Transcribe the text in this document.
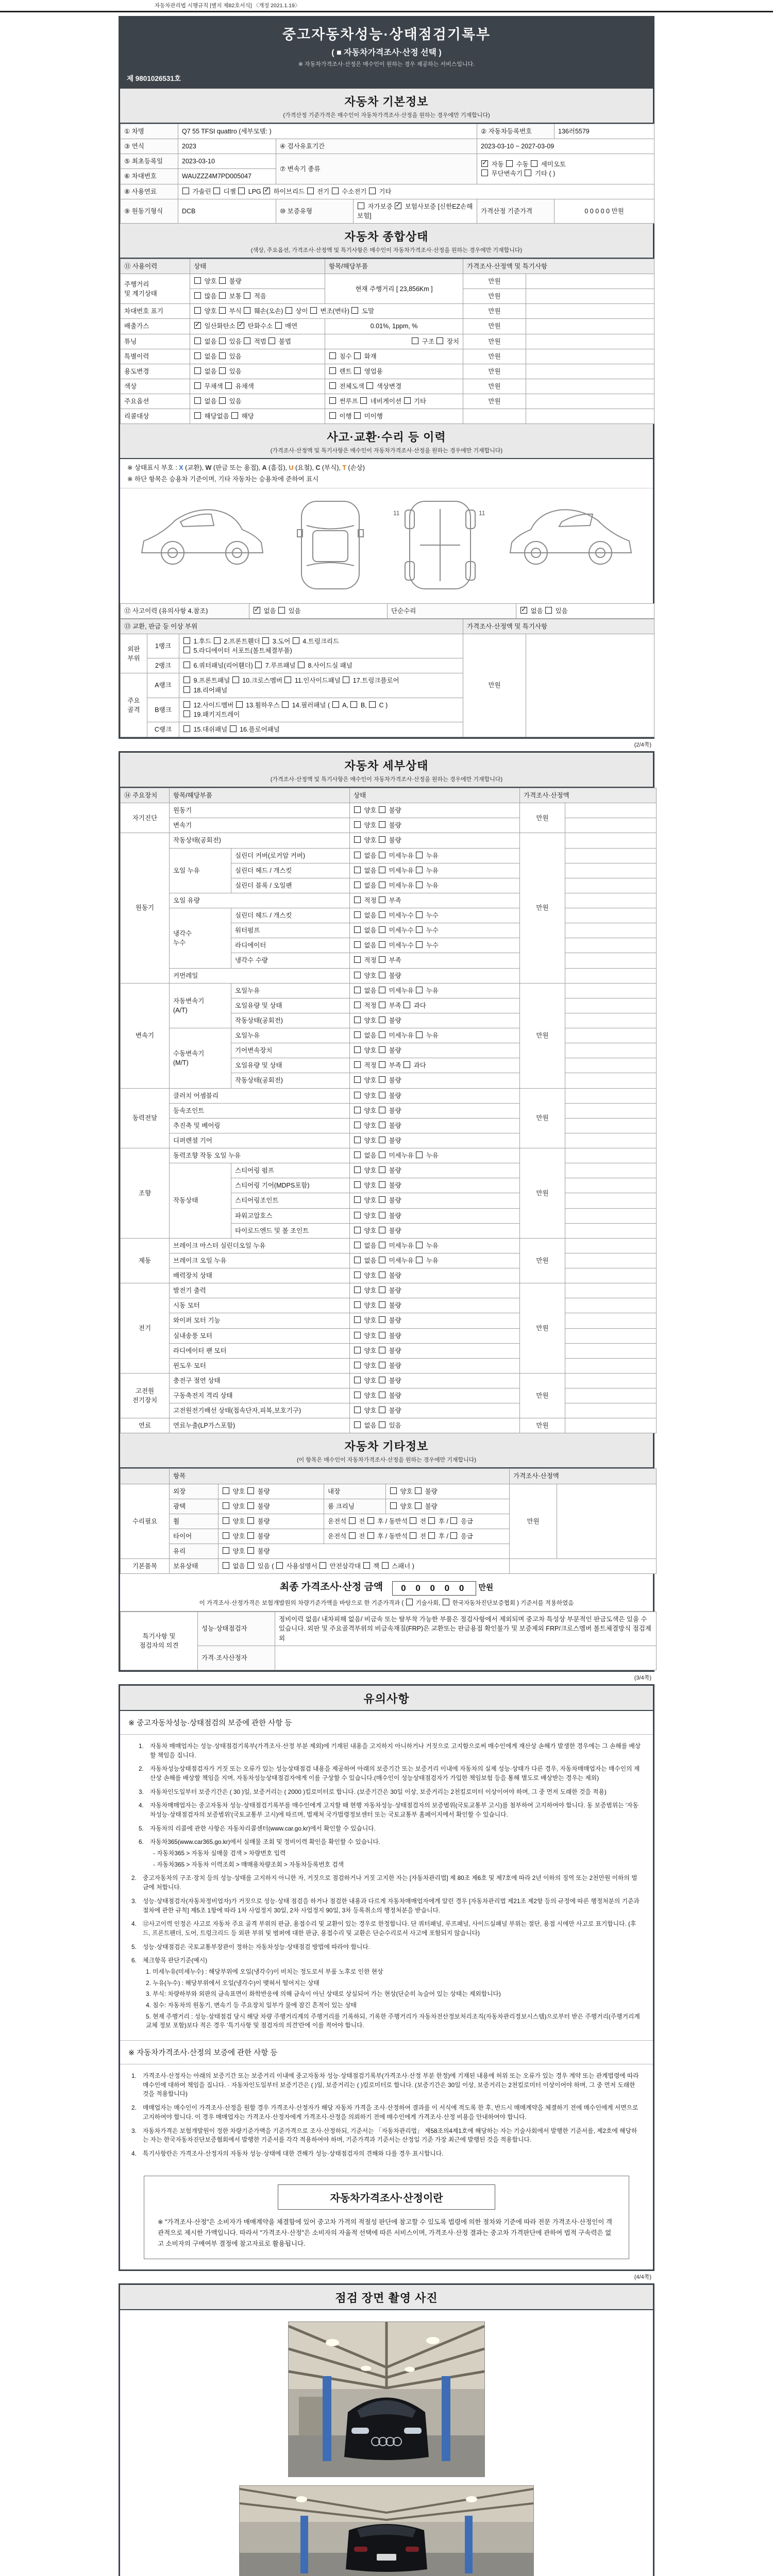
자동차관리법 시행규칙 [별지 제82호서식] 〈개정 2021.1.19〉
중고자동차성능·상태점검기록부
( ■ 자동차가격조사·산정 선택 )
※ 자동차가격조사·산정은 매수인이 원하는 경우 제공하는 서비스입니다.
제 9801026531호
자동차 기본정보
(가격산정 기준가격은 매수인이 자동차가격조사·산정을 원하는 경우에만 기재합니다)
① 차명	Q7 55 TFSI quattro (세부모델: )			② 자동차등록번호	136러5579
③ 연식	2023	④ 검사유효기간		2023-03-10 ~ 2027-03-09	
⑤ 최초등록일	2023-03-10	⑦ 변속기 종류	✓ 자동  수동  세미오토
무단변속기  기타 ( )
⑥ 차대번호	WAUZZZ4M7PD005047				
⑧ 사용연료	가솔린  디젤  LPG ✓ 하이브리드  전기  수소전기  기타
⑨ 원동기형식	DCB	⑩ 보증유형	자가보증 ✓ 보험사보증 [신한EZ손해보험]	가격산정 기준가격	0 0 0 0 0 만원
자동차 종합상태
(색상, 주요옵션, 가격조사·산정액 및 특기사항은 매수인이 자동차가격조사·산정을 원하는 경우에만 기재합니다)
⑪ 사용이력	상태	항목/해당부품	가격조사·산정액 및 특기사항	
주행거리
및 계기상태	양호  불량	현재 주행거리 [ 23,856Km ]	만원	
	많음  보통  적음		만원	
차대번호 표기	양호  부식  훼손(오손)  상이  변조(변타)  도말		만원	
배출가스	✓ 일산화탄소 ✓ 탄화수소  매연	0.01%, 1ppm, %	만원	
튜닝	없음  있음  적법  불법	구조  장치	만원	
특별이력	없음  있음	침수  화재	만원	
용도변경	없음  있음	렌트  영업용	만원	
색상	무채색  유채색	전체도색  색상변경	만원	
주요옵션	없음  있음	썬루프  네비게이션  기타	만원	
리콜대상	해당없음  해당	이행  미이행		
사고·교환·수리 등 이력
(가격조사·산정액 및 특기사항은 매수인이 자동차가격조사·산정을 원하는 경우에만 기재합니다)
※ 상태표시 부호 : X (교환), W (판금 또는 용접), A (흠집), U (요철), C (부식), T (손상)
※ 하단 항목은 승용차 기준이며, 기타 자동차는 승용차에 준하여 표시
11	11
⑫ 사고이력 (유의사항 4.참조)	✓ 없음  있음	단순수리	✓ 없음  있음
⑬ 교환, 판금 등 이상 부위			가격조사·산정액 및 특기사항	
외판
부위	1랭크	1.후드  2.프론트휀더  3.도어  4.트렁크리드
5.라디에이터 서포트(볼트체결부품)	만원	
	2랭크	6.쿼터패널(리어휀더)  7.루프패널  8.사이드실 패널		
주요
골격	A랭크	9.프론트패널  10.크로스멤버  11.인사이드패널  17.트렁크플로어
18.리어패널		
	B랭크	12.사이드멤버  13.휠하우스  14.필러패널 (  A,  B,  C )
19.패키지트레이		
	C랭크	15.대쉬패널  16.플로어패널		
(2/4쪽)
자동차 세부상태
(가격조사·산정액 및 특기사항은 매수인이 자동차가격조사·산정을 원하는 경우에만 기재합니다)
⑭ 주요장치	항목/해당부품		상태	가격조사·산정액	
자기진단	원동기		양호  불량	만원	
	변속기		양호  불량		
원동기	작동상태(공회전)		양호  불량	만원	
	오일 누유	실린더 커버(로커암 커버)	없음  미세누유  누유		
		실린더 헤드 / 개스킷	없음  미세누유  누유		
		실린더 블록 / 오일팬	없음  미세누유  누유		
	오일 유량		적정  부족		
	냉각수
누수	실린더 헤드 / 개스킷	없음  미세누수  누수		
		워터펌프	없음  미세누수  누수		
		라디에이터	없음  미세누수  누수		
		냉각수 수량	적정  부족		
	커먼레일		양호  불량		
변속기	자동변속기
(A/T)	오일누유	없음  미세누유  누유	만원	
		오일유량 및 상태	적정  부족  과다		
		작동상태(공회전)	양호  불량		
	수동변속기
(M/T)	오일누유	없음  미세누유  누유		
		기어변속장치	양호  불량		
		오일유량 및 상태	적정  부족  과다		
		작동상태(공회전)	양호  불량		
동력전달	클러치 어셈블리		양호  불량	만원	
	등속조인트		양호  불량		
	추진축 및 베어링		양호  불량		
	디퍼렌셜 기어		양호  불량		
조향	동력조향 작동 오일 누유		없음  미세누유  누유	만원	
	작동상태	스티어링 펌프	양호  불량		
		스티어링 기어(MDPS포함)	양호  불량		
		스티어링조인트	양호  불량		
		파워고압호스	양호  불량		
		타이로드엔드 및 볼 조인트	양호  불량		
제동	브레이크 마스터 실린더오일 누유		없음  미세누유  누유	만원	
	브레이크 오일 누유		없음  미세누유  누유		
	배력장치 상태		양호  불량		
전기	발전기 출력		양호  불량	만원	
	시동 모터		양호  불량		
	와이퍼 모터 기능		양호  불량		
	실내송풍 모터		양호  불량		
	라디에이터 팬 모터		양호  불량		
	윈도우 모터		양호  불량		
고전원
전기장치	충전구 절연 상태		양호  불량	만원	
	구동축전지 격리 상태		양호  불량		
	고전원전기배선 상태(접속단자,피복,보호기구)		양호  불량		
연료	연료누출(LP가스포함)		없음  있음	만원	
자동차 기타정보
(이 항목은 매수인이 자동차가격조사·산정을 원하는 경우에만 기재합니다)
	항목				가격조사·산정액	
수리필요	외장	양호  불량	내장	양호  불량	만원	
	광택	양호  불량	룸 크리닝	양호  불량		
	휠	양호  불량	운전석  전  후 / 동반석  전  후 /  응급			
	타이어	양호  불량	운전석  전  후 / 동반석  전  후 /  응급			
	유리	양호  불량				
기본품목	보유상태	없음  있음 (  사용설명서  안전삼각대  잭  스패너 )				
최종 가격조사·산정 금액 0 0 0 0 0 만원
이 가격조사·산정가격은 보험개발원의 차량기준가액을 바탕으로 한 기준가격과 (  기술사회,  한국자동차진단보증협회 ) 기준서를 적용하였음
특기사항 및
점검자의 의견	성능·상태점검자	정비이력 없음/ 내차피해 없음/ 비금속 또는 탈부착 가능한 부품은 점검사항에서 제외되며 중고차 특성상 부분적인 판금도색은 있을 수 있습니다. 외판 및 주요골격부위의 비금속재질(FRP)은 교환또는 판금용접 확인불가 및 보증제외 FRP/크로스멤버 볼트체결방식 점검제외
	가격·조사산정자	

(3/4쪽)
유의사항
※ 중고자동차성능·상태점검의 보증에 관한 사항 등
1.	자동차 매매업자는 성능·상태점검기록부(가격조사·산정 부분 제외)에 기재된 내용을 고지하지 아니하거나 거짓으로 고지함으로써 매수인에게 재산상 손해가 발생한 경우에는 그 손해를 배상할 책임을 집니다.
2.	자동차성능상태점검자가 거짓 또는 오류가 있는 성능상태점검 내용을 제공하여 아래의 보증기간 또는 보증거리 이내에 자동차의 실제 성능·상태가 다른 경우, 자동차매매업자는 매수인의 재산상 손해를 배상할 책임을 지며, 자동차성능상태점검자에게 이를 구상할 수 있습니다.(매수인이 성능상태점검자가 가입한 책임보험 등을 통해 별도로 배상받는 경우는 제외)
3.	자동차인도일부터 보증기간은 ( 30 )일, 보증거리는 ( 2000 )킬로미터로 합니다. (보증기간은 30일 이상, 보증거리는 2천킬로미터 이상이어야 하며, 그 중 먼저 도래한 것을 적용)
4.	자동차매매업자는 중고자동차 성능·상태점검기록부를 매수인에게 고지할 때 현행 자동차성능·상태점검자의 보증범위(국토교통부 고시)를 첨부하여 고지하여야 합니다. 동 보증범위는 '자동차성능·상태점검자의 보증범위'(국토교통부 고시)에 따르며, 법제처 국가법령정보센터 또는 국토교통부 홈페이지에서 확인할 수 있습니다.
5.	자동차의 리콜에 관한 사항은 자동차리콜센터(www.car.go.kr)에서 확인할 수 있습니다.
6.	자동차365(www.car365.go.kr)에서 실매물 조회 및 정비이력 확인을 확인할 수 있습니다.
- 자동차365 > 자동차 실매물 검색 > 차량번호 입력
- 자동차365 > 자동차 이력조회 > 매매용차량조회 > 자동차등록번호 검색
2.	중고자동차의 구조·장치 등의 성능·상태를 고지하지 아니한 자, 거짓으로 점검하거나 거짓 고지한 자는 [자동차관리법] 제 80조 제6호 및 제7호에 따라 2년 이하의 징역 또는 2천만원 이하의 벌금에 처합니다.
3.	성능·상태점검자(자동차정비업자)가 거짓으로 성능·상태 점검을 하거나 점검한 내용과 다르게 자동차매매업자에게 알린 경우 [자동차관리법 제21조 제2항 등의 규정에 따른 행정처분의 기준과 절차에 관한 규칙] 제5조 1항에 따라 1차 사업정지 30일, 2차 사업정지 90일, 3차 등록취소의 행정처분을 받습니다.
4.	⑫사고이력 인정은 사고로 자동차 주요 골격 부위의 판금, 용접수리 및 교환이 있는 경우로 한정합니다. 단 쿼터패널, 루프패널, 사이드실패널 부위는 절단, 용접 시에만 사고로 표기합니다. (후드, 프론트펜더, 도어, 트렁크리드 등 외판 부위 및 범퍼에 대한 판금, 용접수리 및 교환은 단순수리로서 사고에 포함되지 않습니다)
5.	성능·상태점검은 국토교통부장관이 정하는 자동차성능·상태점검 방법에 따라야 합니다.
6.	체크항목 판단기준(예시)
1. 미세누유(미세누수) : 해당부위에 오일(냉각수)이 비치는 정도로서 부품 노후로 인한 현상
2. 누유(누수) : 해당부위에서 오일(냉각수)이 맺혀서 떨어지는 상태
3. 부식: 차량하부와 외판의 금속표면이 화학반응에 의해 금속이 아닌 상태로 상실되어 가는 현상(단순히 녹슬어 있는 상태는 제외합니다)
4. 침수: 자동차의 원동기, 변속기 등 주요장치 일부가 물에 잠긴 흔적이 있는 상태
5. 현재 주행거리 : 성능·상태점검 당시 해당 차량 주행거리계의 주행거리를 기록하되, 기록한 주행거리가 자동차전산정보처리조직(자동차관리정보시스템)으로부터 받은 주행거리(주행거리계 교체 정보 포함)보다 적은 경우 '특기사항 및 점검자의 의견'란에 이를 적어야 합니다.
※ 자동차가격조사·산정의 보증에 관한 사항 등
1.	가격조사·산정자는 아래의 보증기간 또는 보증거리 이내에 중고자동차 성능·상태점검기록부(가격조사·산정 부분 한정)에 기재된 내용에 허위 또는 오류가 있는 경우 계약 또는 관계법령에 따라 매수인에 대하여 책임을 집니다. · 자동차인도일부터 보증기간은 ( )일, 보증거리는 ( )킬로미터로 합니다. (보증기간은 30일 이상, 보증거리는 2천킬로미터 이상이어야 하며, 그 중 먼저 도래한 것을 적용합니다)
2.	매매업자는 매수인이 가격조사·산정을 원할 경우 가격조사·산정자가 해당 자동차 가격을 조사·산정하여 결과를 이 서식에 적도록 한 후, 반드시 매매계약을 체결하기 전에 매수인에게 서면으로 고지하여야 합니다. 이 경우 매매업자는 가격조사·산정자에게 가격조사·산정을 의뢰하기 전에 매수인에게 가격조사·산정 비용을 안내하여야 합니다.
3.	자동차가격은 보험개발원이 정한 차량기준가액을 기준가격으로 조사·산정하되, 기준서는 「자동차관리법」 제58조의4제1호에 해당하는 자는 기술사회에서 발행한 기준서를, 제2호에 해당하는 자는 한국자동차진단보증협회에서 발행한 기준서를 각각 적용하여야 하며, 기준가격과 기준서는 산정일 기준 가장 최근에 발행된 것을 적용합니다.
4.	특기사항란은 가격조사·산정자의 자동차 성능·상태에 대한 견해가 성능·상태점검자의 견해와 다를 경우 표시합니다.
자동차가격조사·산정이란
※ "가격조사·산정"은 소비자가 매매계약을 체결함에 있어 중고차 가격의 적절성 판단에 참고할 수 있도록 법령에 의한 절차와 기준에 따라 전문 가격조사·산정인이 객관적으로 제시한 가액입니다. 따라서 "가격조사·산정"은 소비자의 자율적 선택에 따른 서비스이며, 가격조사·산정 결과는 중고차 가격판단에 관하여 법적 구속력은 없고 소비자의 구매여부 결정에 참고자료로 활용됩니다.
(4/4쪽)
점검 장면 촬영 사진
